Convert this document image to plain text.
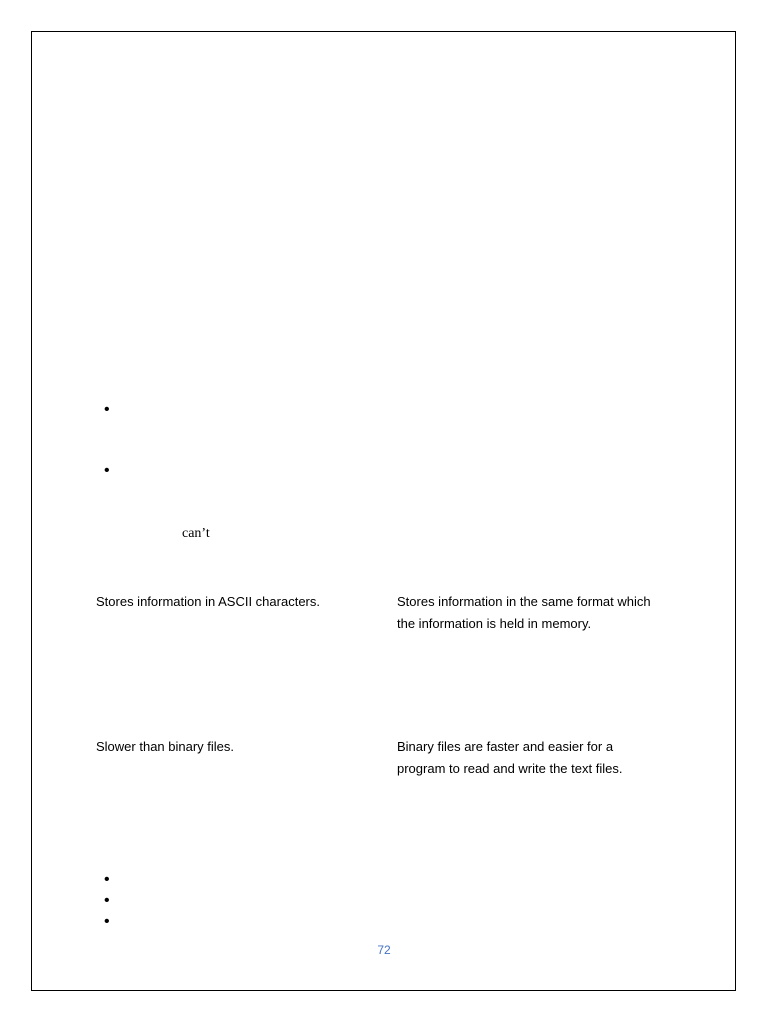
•
•
can’t
Stores information in ASCII characters.	Stores information in the same format which
the information is held in memory.
Slower than binary files.	Binary files are faster and easier for a
program to read and write the text files.
•
•
•
72
